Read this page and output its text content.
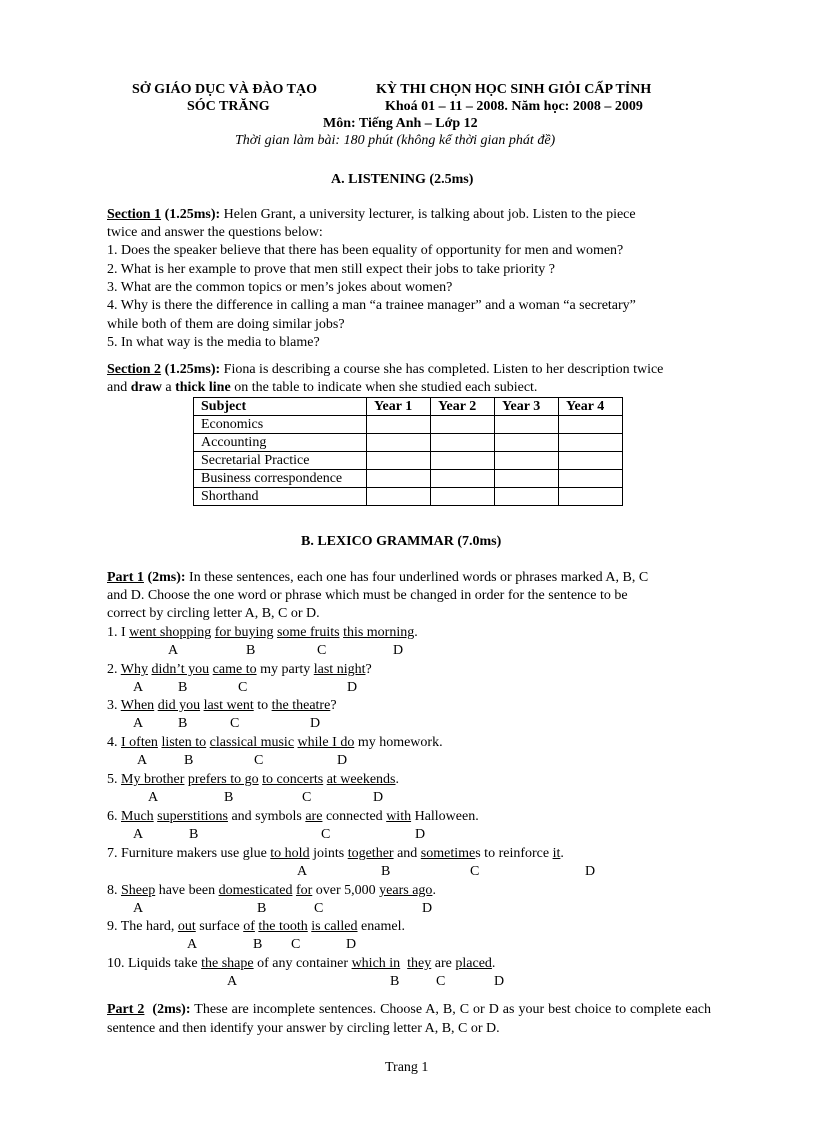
SỞ GIÁO DỤC VÀ ĐÀO TẠO
SÓC TRĂNG
KỲ THI CHỌN HỌC SINH GIỎI CẤP TỈNH
Khoá 01 – 11 – 2008. Năm học: 2008 – 2009
Môn: Tiếng Anh – Lớp 12
Thời gian làm bài: 180 phút (không kể thời gian phát đề)
A. LISTENING (2.5ms)
Section 1 (1.25ms): Helen Grant, a university lecturer, is talking about job. Listen to the piece
twice and answer the questions below:
1. Does the speaker believe that there has been equality of opportunity for men and women?
2. What is her example to prove that men still expect their jobs to take priority ?
3. What are the common topics or men’s jokes about women?
4. Why is there the difference in calling a man “a trainee manager” and a woman “a secretary”
while both of them are doing similar jobs?
5. In what way is the media to blame?
Section 2 (1.25ms): Fiona is describing a course she has completed. Listen to her description twice
and draw a thick line on the table to indicate when she studied each subiect.
Subject	Year 1	Year 2	Year 3	Year 4
Economics				
Accounting				
Secretarial Practice				
Business correspondence				
Shorthand				
B. LEXICO GRAMMAR (7.0ms)
Part 1 (2ms): In these sentences, each one has four underlined words or phrases marked A, B, C
and D. Choose the one word or phrase which must be changed in order for the sentence to be
correct by circling letter A, B, C or D.
1. I went shopping for buying some fruits this morning.
A	B	C	D
2. Why didn’t you came to my party last night?
A B	C	D
3. When did you last went to the theatre?
A B	C	D
4. I often listen to classical music while I do my homework.
A	B	C	D
5. My brother prefers to go to concerts at weekends.
A	B	C	D
6. Much superstitions and symbols are connected with Halloween.
A	B	C	D
7. Furniture makers use glue to hold joints together and sometimes to reinforce it.
A	B	C	D
8. Sheep have been domesticated for over 5,000 years ago.
A	B	C	D
9. The hard, out surface of the tooth is called enamel.
A	B C	D
10. Liquids take the shape of any container which in they are placed.
A	B	C	D
Part 2 (2ms): These are incomplete sentences. Choose A, B, C or D as your best choice to complete each sentence and then identify your answer by circling letter A, B, C or D.
Trang 1
